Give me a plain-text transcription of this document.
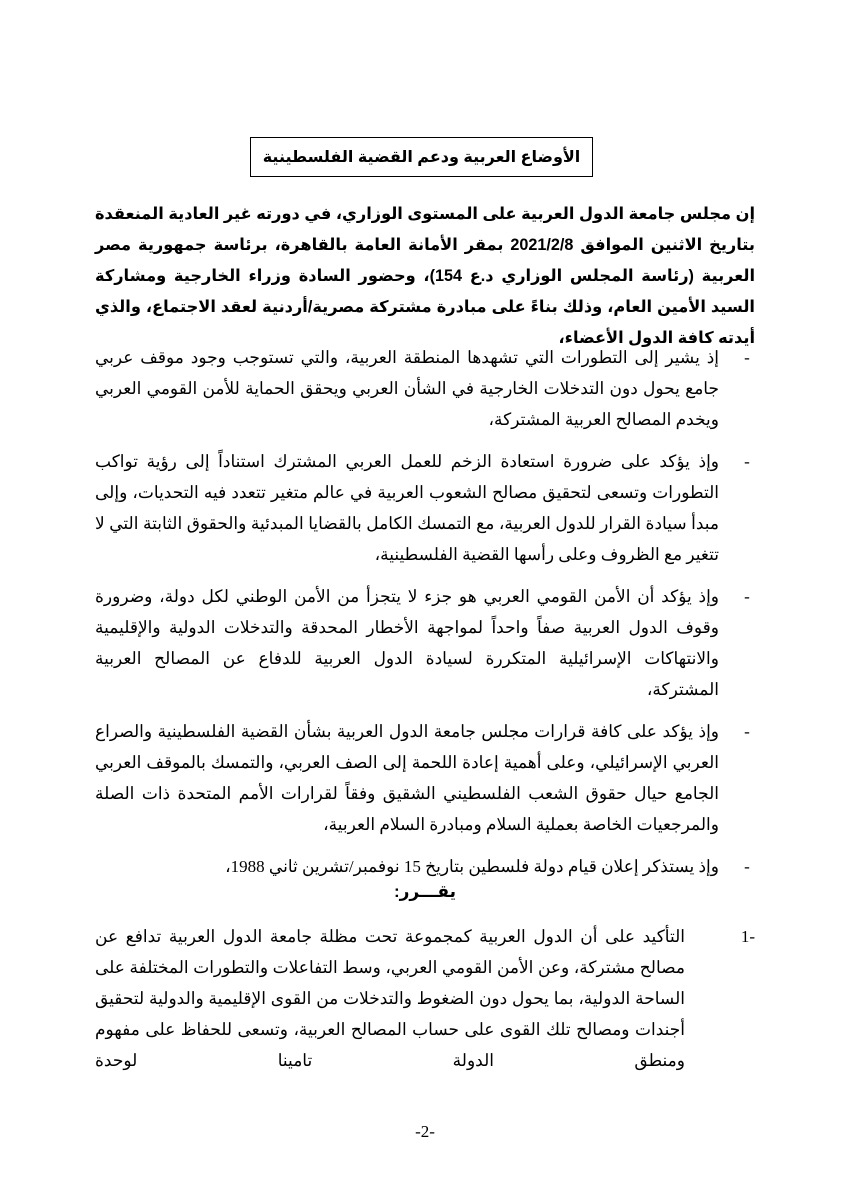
الأوضاع العربية ودعم القضية الفلسطينية

إن مجلس جامعة الدول العربية على المستوى الوزاري، في دورته غير العادية المنعقدة بتاريخ الاثنين الموافق 2021/2/8 بمقر الأمانة العامة بالقاهرة، برئاسة جمهورية مصر العربية (رئاسة المجلس الوزاري د.ع 154)، وحضور السادة وزراء الخارجية ومشاركة السيد الأمين العام، وذلك بناءً على مبادرة مشتركة مصرية/أردنية لعقد الاجتماع، والذي أيدته كافة الدول الأعضاء،

-
إذ يشير إلى التطورات التي تشهدها المنطقة العربية، والتي تستوجب وجود موقف عربي جامع يحول دون التدخلات الخارجية في الشأن العربي ويحقق الحماية للأمن القومي العربي ويخدم المصالح العربية المشتركة،
-
وإذ يؤكد على ضرورة استعادة الزخم للعمل العربي المشترك استناداً إلى رؤية تواكب التطورات وتسعى لتحقيق مصالح الشعوب العربية في عالم متغير تتعدد فيه التحديات، وإلى مبدأ سيادة القرار للدول العربية، مع التمسك الكامل بالقضايا المبدئية والحقوق الثابتة التي لا تتغير مع الظروف وعلى رأسها القضية الفلسطينية،
-
وإذ يؤكد أن الأمن القومي العربي هو جزء لا يتجزأ من الأمن الوطني لكل دولة، وضرورة وقوف الدول العربية صفاً واحداً لمواجهة الأخطار المحدقة والتدخلات الدولية والإقليمية والانتهاكات الإسرائيلية المتكررة لسيادة الدول العربية للدفاع عن المصالح العربية المشتركة،
-
وإذ يؤكد على كافة قرارات مجلس جامعة الدول العربية بشأن القضية الفلسطينية والصراع العربي الإسرائيلي، وعلى أهمية إعادة اللحمة إلى الصف العربي، والتمسك بالموقف العربي الجامع حيال حقوق الشعب الفلسطيني الشقيق وفقاً لقرارات الأمم المتحدة ذات الصلة والمرجعيات الخاصة بعملية السلام ومبادرة السلام العربية،
-
وإذ يستذكر إعلان قيام دولة فلسطين بتاريخ 15 نوفمبر/تشرين ثاني 1988،

يقـــرر:

-1
التأكيد على أن الدول العربية كمجموعة تحت مظلة جامعة الدول العربية تدافع عن مصالح مشتركة، وعن الأمن القومي العربي، وسط التفاعلات والتطورات المختلفة على الساحة الدولية، بما يحول دون الضغوط والتدخلات من القوى الإقليمية والدولية لتحقيق أجندات ومصالح تلك القوى على حساب المصالح العربية، وتسعى للحفاظ على مفهوم ومنطق الدولة تامينا لوحدة
-2-
